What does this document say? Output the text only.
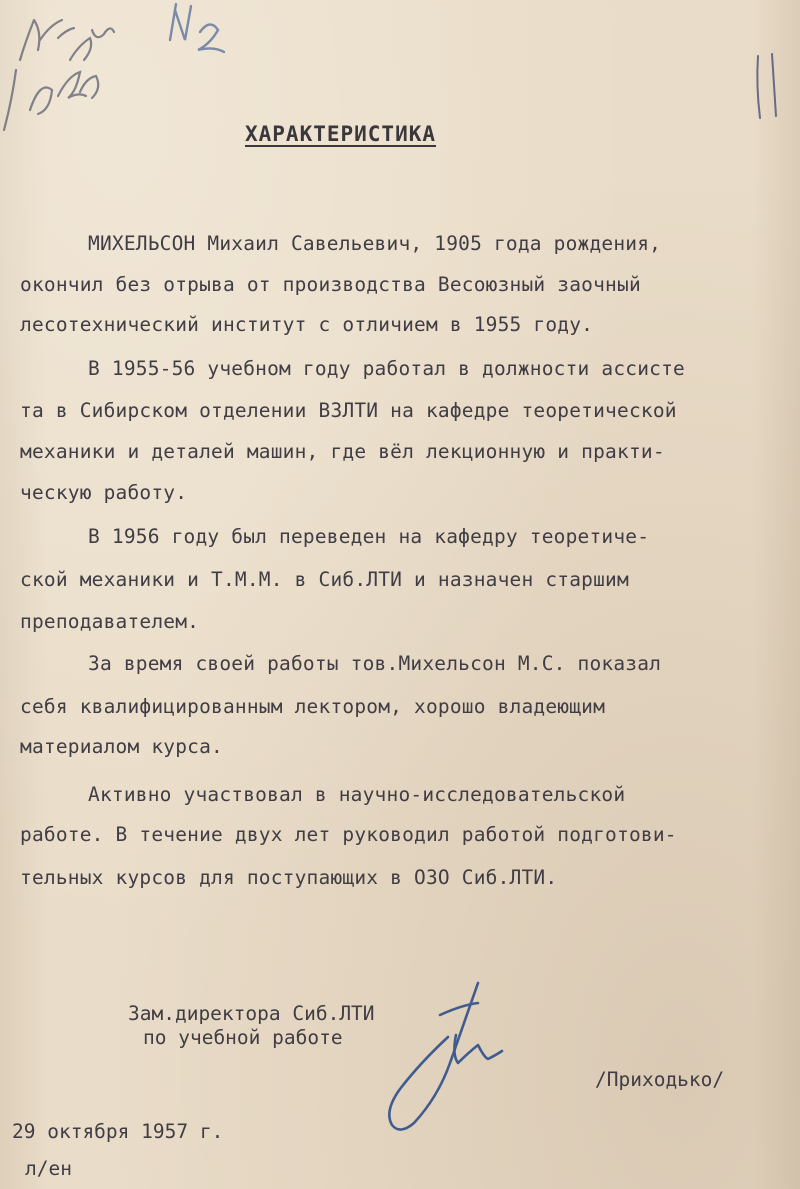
ХАРАКТЕРИСТИКА
МИХЕЛЬСОН Михаил Савельевич, 1905 года рождения,
окончил без отрыва от производства Весоюзный заочный
лесотехнический институт с отличием в 1955 году.
В 1955-56 учебном году работал в должности ассисте
та в Сибирском отделении ВЗЛТИ на кафедре теоретической
механики и деталей машин, где вёл лекционную и практи-
ческую работу.
В 1956 году был переведен на кафедру теоретиче-
ской механики и Т.М.М. в Сиб.ЛТИ и назначен старшим
преподавателем.
За время своей работы тов.Михельсон М.С. показал
себя квалифицированным лектором, хорошо владеющим
материалом курса.
Активно участвовал в научно-исследовательской
работе. В течение двух лет руководил работой подготови-
тельных курсов для поступающих в ОЗО Сиб.ЛТИ.
Зам.директора Сиб.ЛТИ
по учебной работе
/Приходько/
29 октября 1957 г.
л/ен
